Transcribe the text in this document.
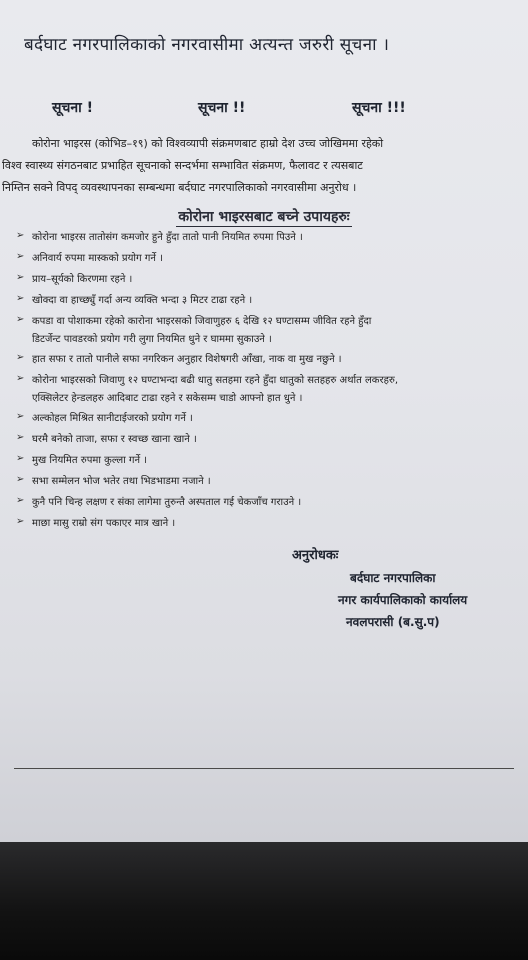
बर्दघाट नगरपालिकाको नगरवासीमा अत्यन्त जरुरी सूचना ।
सूचना !	सूचना !!	सूचना !!!

कोरोना भाइरस (कोभिड–१९) को विश्वव्यापी संक्रमणबाट हाम्रो देश उच्च जोखिममा रहेको

विश्व स्वास्थ्य संगठनबाट प्रभाहित सूचनाको सन्दर्भमा सम्भावित संक्रमण, फैलावट र त्यसबाट

निम्तिन सक्ने विपद् व्यवस्थापनका सम्बन्धमा बर्दघाट नगरपालिकाको नगरवासीमा अनुरोध ।

कोरोना भाइरसबाट बच्ने उपायहरुः
➢ कोरोना भाइरस तातोसंग कमजोर हुने हुँदा तातो पानी नियमित रुपमा पिउने ।
➢ अनिवार्य रुपमा मास्कको प्रयोग गर्ने ।
➢ प्राय–सूर्यको किरणमा रहने ।
➢ खोक्दा वा हाच्छ्युँ गर्दा अन्य व्यक्ति भन्दा ३ मिटर टाढा रहने ।
➢ कपडा वा पोशाकमा रहेको कारोना भाइरसको जिवाणुहरु ६ देखि १२ घण्टासम्म जीवित रहने हुँदा
डिटर्जेन्ट पावडरको प्रयोग गरी लुगा नियमित धुने र घाममा सुकाउने ।
➢ हात सफा र तातो पानीले सफा नगरिकन अनुहार विशेषगरी आँखा, नाक वा मुख नछुने ।
➢ कोरोना भाइरसको जिवाणु १२ घण्टाभन्दा बढी धातु सतहमा रहने हुँदा धातुको सतहहरु अर्थात लकरहरु,
एक्सिलेटर हेन्डलहरु आदिबाट टाढा रहने र सकेसम्म चाडो आफ्नो हात धुने ।
➢ अल्कोहल मिश्रित सानीटाईजरको प्रयोग गर्ने ।
➢ घरमै बनेको ताजा, सफा र स्वच्छ खाना खाने ।
➢ मुख नियमित रुपमा कुल्ला गर्ने ।
➢ सभा सम्मेलन भोज भतेर तथा भिडभाडमा नजाने ।
➢ कुनै पनि चिन्ह लक्षण र संका लागेमा तुरुन्तै अस्पताल गई चेकजाँच गराउने ।
➢ माछा मासु राम्रो संग पकाएर मात्र खाने ।
अनुरोधकः
बर्दघाट नगरपालिका
नगर कार्यपालिकाको कार्यालय
नवलपरासी (ब.सु.प)
